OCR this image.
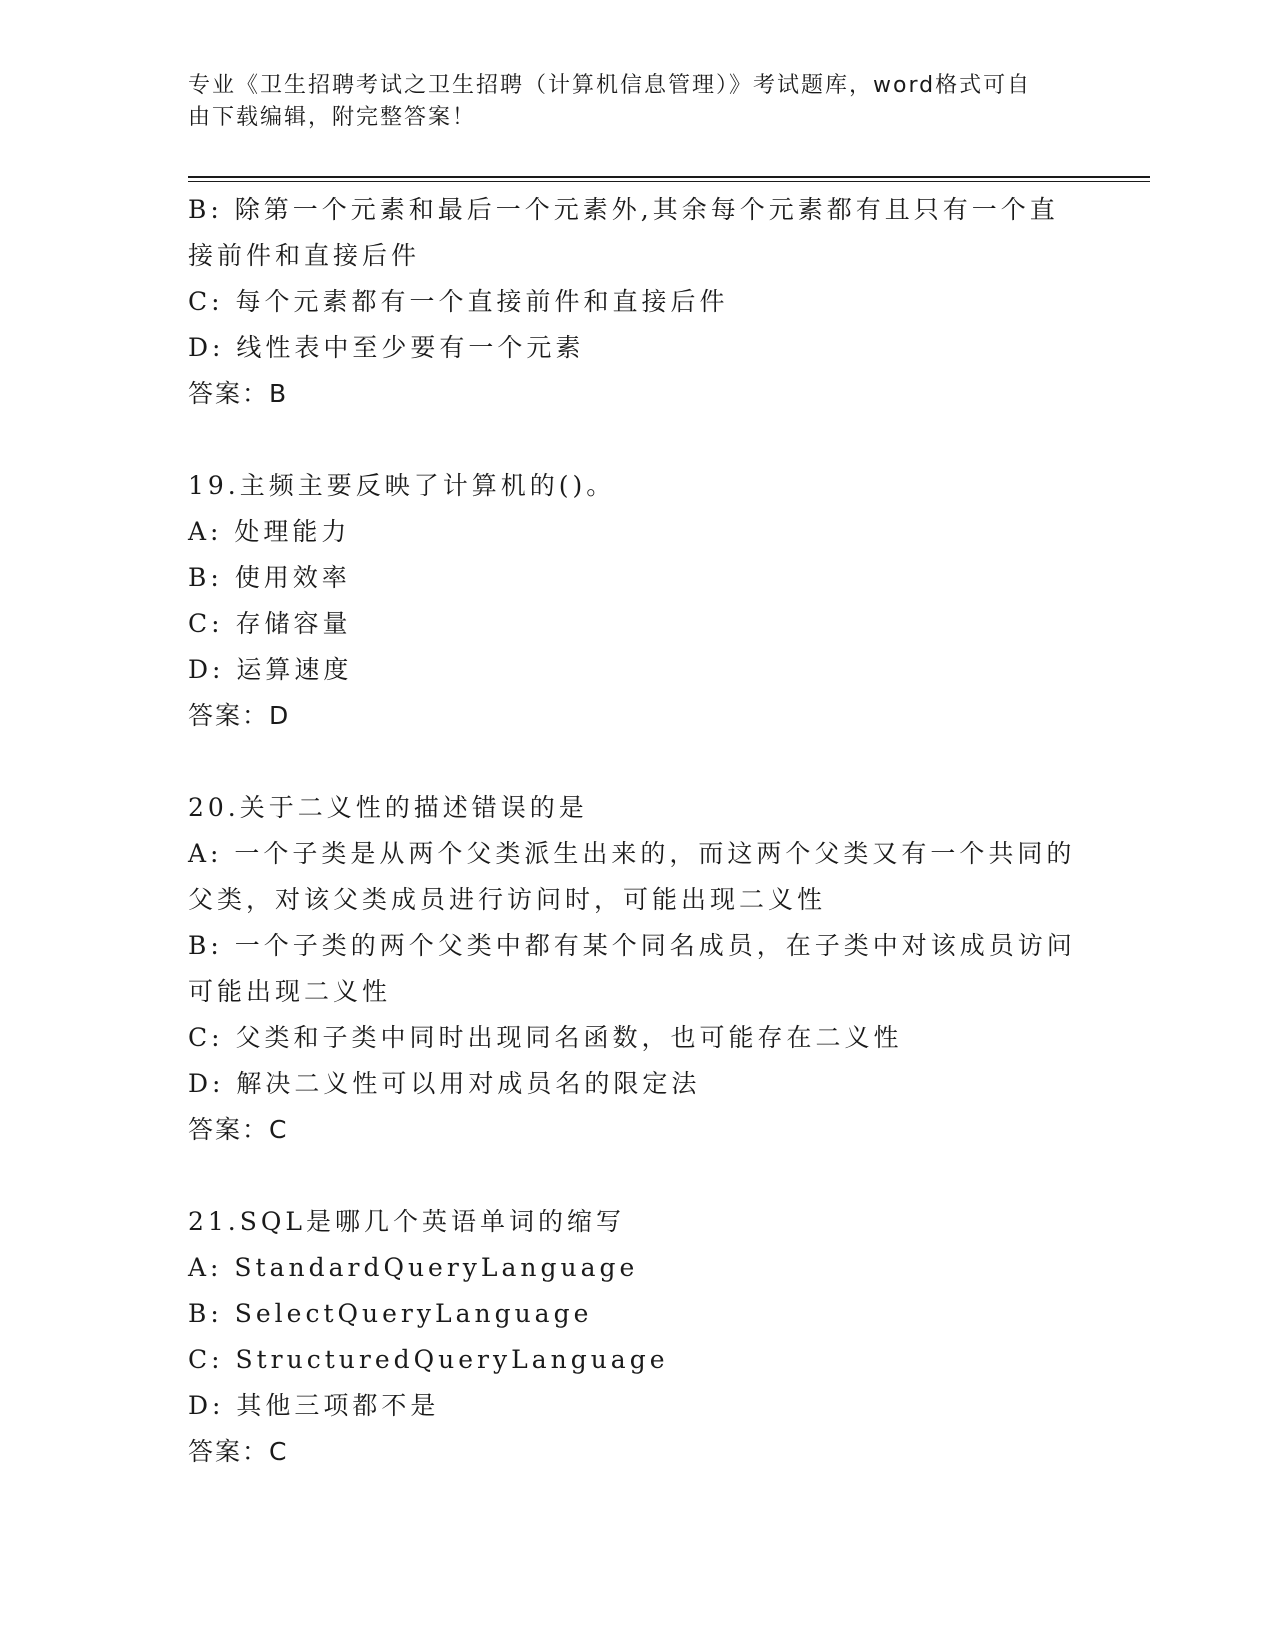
专业《卫生招聘考试之卫生招聘（计算机信息管理）》考试题库，word格式可自
由下载编辑，附完整答案！
B: 除第一个元素和最后一个元素外,其余每个元素都有且只有一个直
接前件和直接后件
C: 每个元素都有一个直接前件和直接后件
D: 线性表中至少要有一个元素
答案：B
19.主频主要反映了计算机的()。
A: 处理能力
B: 使用效率
C: 存储容量
D: 运算速度
答案：D
20.关于二义性的描述错误的是
A: 一个子类是从两个父类派生出来的，而这两个父类又有一个共同的
父类，对该父类成员进行访问时，可能出现二义性
B: 一个子类的两个父类中都有某个同名成员，在子类中对该成员访问
可能出现二义性
C: 父类和子类中同时出现同名函数，也可能存在二义性
D: 解决二义性可以用对成员名的限定法
答案：C
21.SQL是哪几个英语单词的缩写
A: StandardQueryLanguage
B: SelectQueryLanguage
C: StructuredQueryLanguage
D: 其他三项都不是
答案：C
